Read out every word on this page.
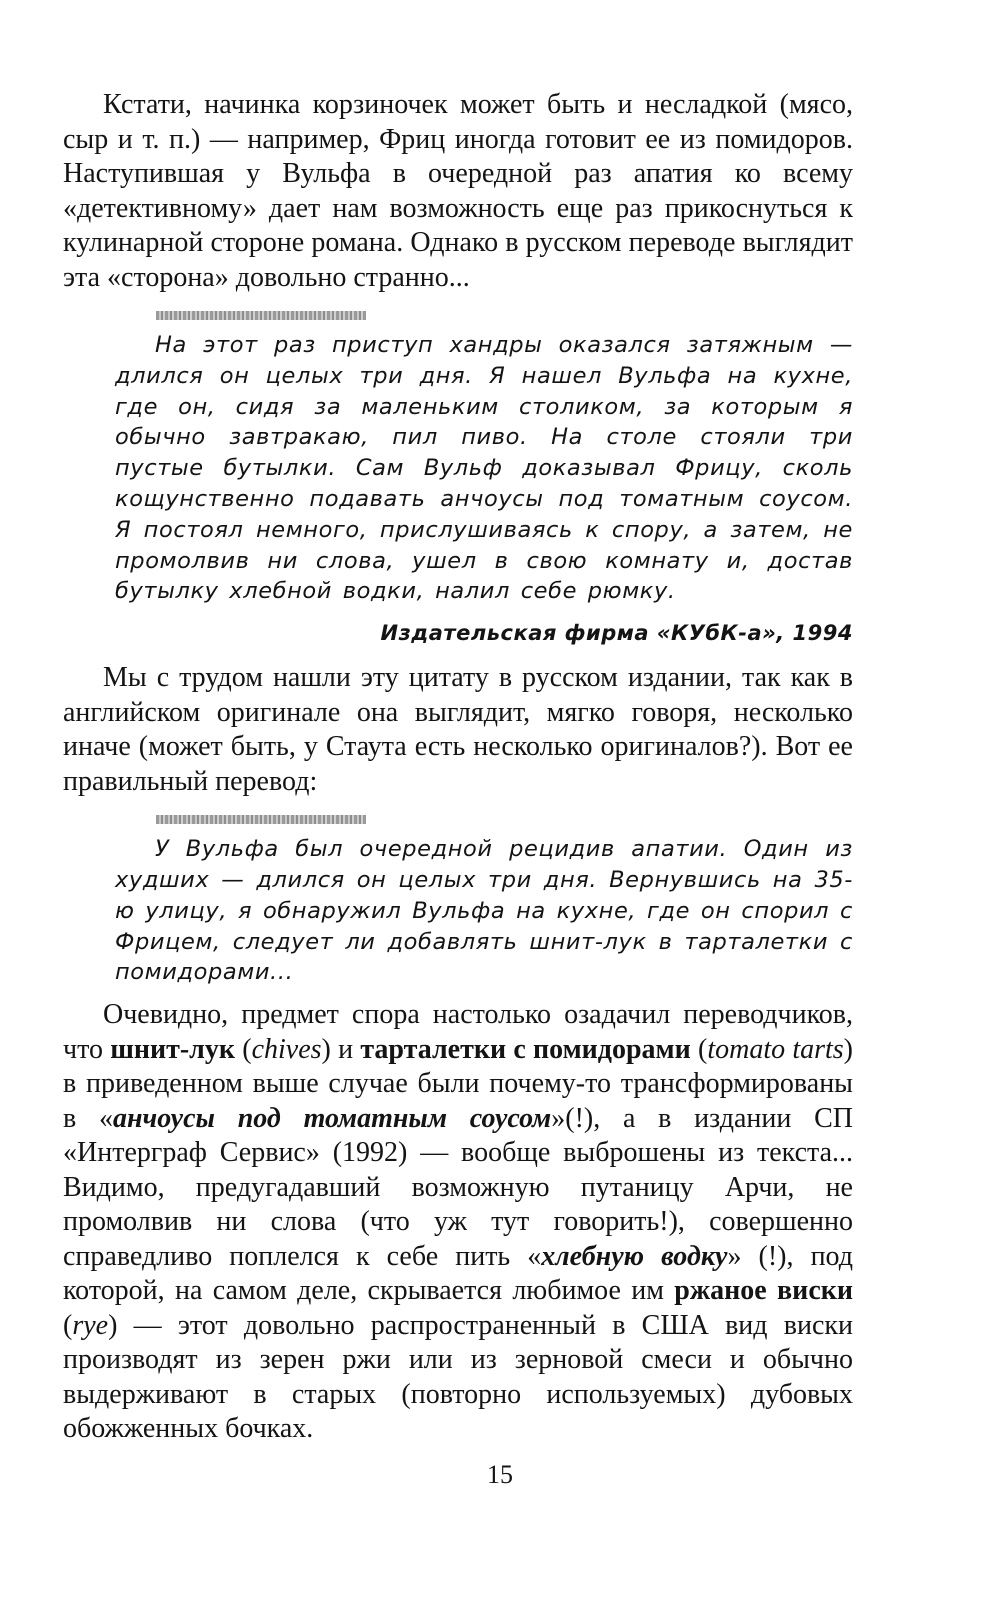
Кстати, начинка корзиночек может быть и несладкой (мясо, сыр и т. п.) — например, Фриц иногда готовит ее из помидоров. Наступившая у Вульфа в очередной раз апатия ко всему «детективному» дает нам возможность еще раз прикоснуться к кулинарной стороне романа. Однако в русском переводе выглядит эта «сторона» довольно странно...

На этот раз приступ хандры оказался затяжным — длился он целых три дня. Я нашел Вульфа на кухне, где он, сидя за маленьким столиком, за которым я обычно завтракаю, пил пиво. На столе стояли три пустые бутылки. Сам Вульф доказывал Фрицу, сколь кощунственно подавать анчоусы под томатным соусом. Я постоял немного, прислушиваясь к спору, а затем, не промолвив ни слова, ушел в свою комнату и, достав бутылку хлебной водки, налил себе рюмку.

Издательская фирма «КУбК-а», 1994

Мы с трудом нашли эту цитату в русском издании, так как в английском оригинале она выглядит, мягко говоря, несколько иначе (может быть, у Стаута есть несколько оригиналов?). Вот ее правильный перевод:

У Вульфа был очередной рецидив апатии. Один из худших — длился он целых три дня. Вернувшись на 35-ю улицу, я обнаружил Вульфа на кухне, где он спорил с Фрицем, следует ли добавлять шнит-лук в тарталетки с помидорами...

Очевидно, предмет спора настолько озадачил переводчиков, что шнит-лук (chives) и тарталетки с помидорами (tomato tarts) в приведенном выше случае были почему-то трансформированы в «анчоусы под томатным соусом»(!), а в издании СП «Интерграф Сервис» (1992) — вообще выброшены из текста... Видимо, предугадавший возможную путаницу Арчи, не промолвив ни слова (что уж тут говорить!), совершенно справедливо поплелся к себе пить «хлебную водку» (!), под которой, на самом деле, скрывается любимое им ржаное виски (rye) — этот довольно распространенный в США вид виски производят из зерен ржи или из зерновой смеси и обычно выдерживают в старых (повторно используемых) дубовых обожженных бочках.

15
